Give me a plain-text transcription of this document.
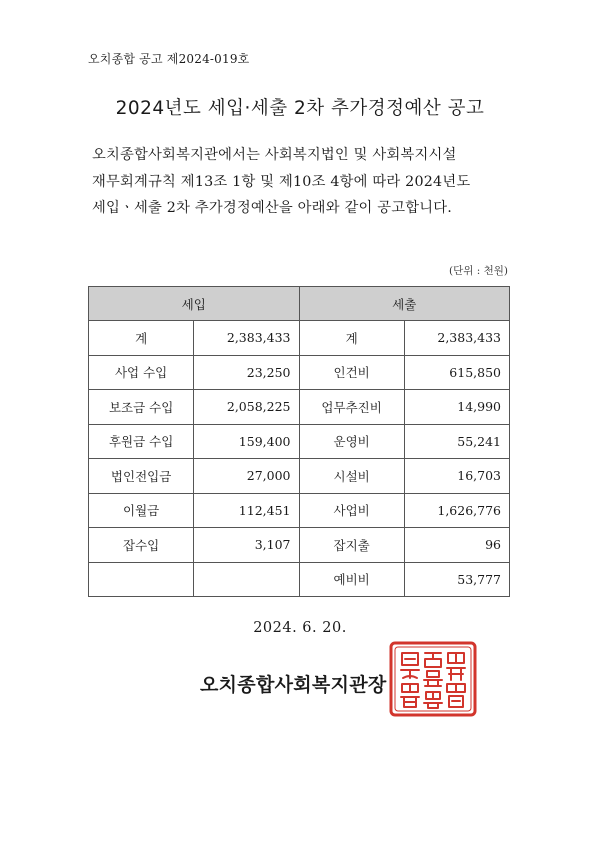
오치종합 공고 제2024-019호
2024년도 세입·세출 2차 추가경정예산 공고
오치종합사회복지관에서는 사회복지법인 및 사회복지시설
재무회계규칙 제13조 1항 및 제10조 4항에 따라 2024년도
세입ㆍ세출 2차 추가경정예산을 아래와 같이 공고합니다.
(단위 : 천원)
세입		세출	
계	2,383,433	계	2,383,433
사업 수입	23,250	인건비	615,850
보조금 수입	2,058,225	업무추진비	14,990
후원금 수입	159,400	운영비	55,241
법인전입금	27,000	시설비	16,703
이월금	112,451	사업비	1,626,776
잡수입	3,107	잡지출	96
		예비비	53,777
2024. 6. 20.
오치종합사회복지관장
